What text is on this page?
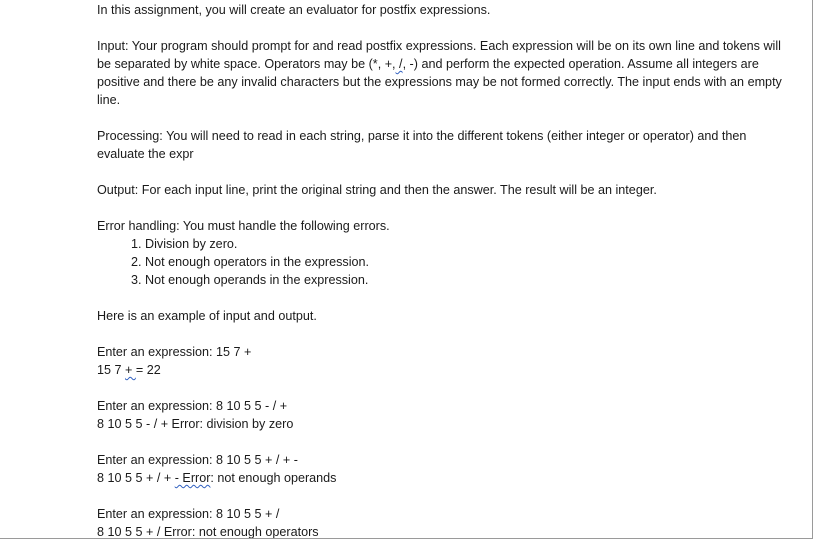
In this assignment, you will create an evaluator for postfix expressions.

Input: Your program should prompt for and read postfix expressions. Each expression will be on its own line and tokens will be separated by white space. Operators may be (*, +, /, -) and perform the expected operation. Assume all integers are positive and there be any invalid characters but the expressions may be not formed correctly. The input ends with an empty line.

Processing: You will need to read in each string, parse it into the different tokens (either integer or operator) and then evaluate the expr

Output: For each input line, print the original string and then the answer. The result will be an integer.

Error handling: You must handle the following errors.

1. Division by zero.
2. Not enough operators in the expression.
3. Not enough operands in the expression.

Here is an example of input and output.

Enter an expression: 15 7 +

15 7 + = 22

Enter an expression: 8 10 5 5 - / +

8 10 5 5 - / + Error: division by zero

Enter an expression: 8 10 5 5 + / + -

8 10 5 5 + / + - Error: not enough operands

Enter an expression: 8 10 5 5 + /

8 10 5 5 + / Error: not enough operators
